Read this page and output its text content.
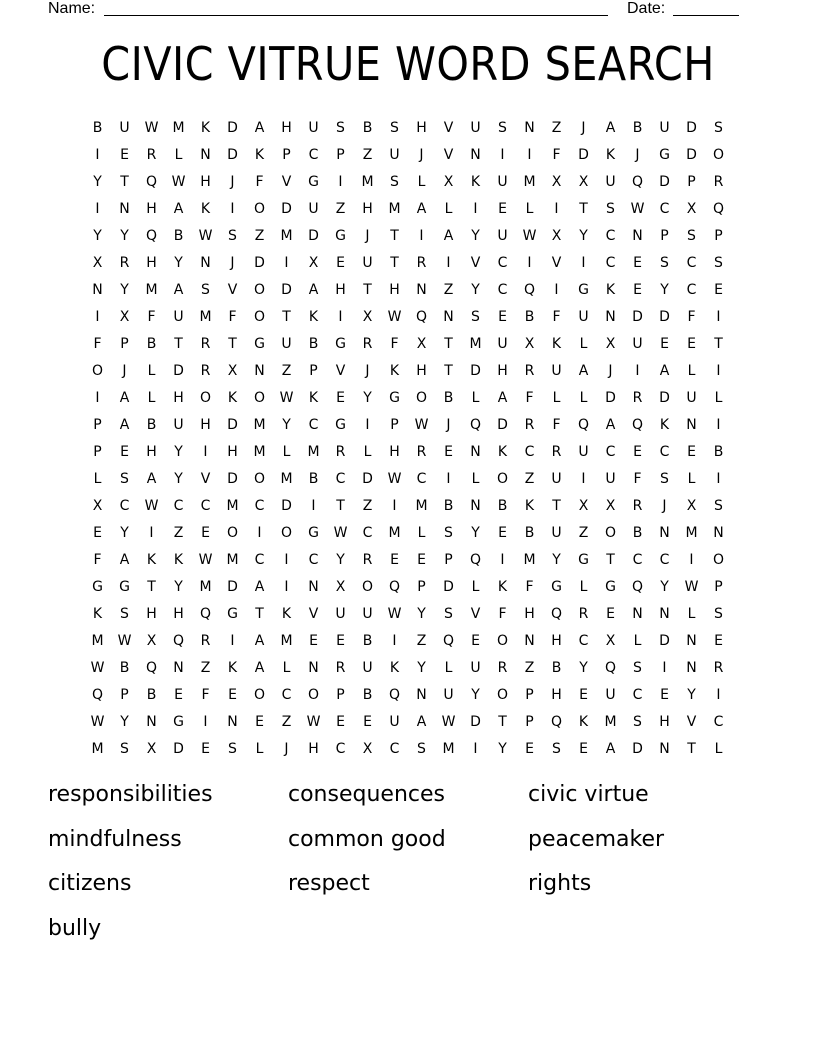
Name:	Date:
CIVIC VITRUE WORD SEARCH
B	U	W	M	K	D	A	H	U	S	B	S	H	V	U	S	N	Z	J	A	B	U	D	S
I	E	R	L	N	D	K	P	C	P	Z	U	J	V	N	I	I	F	D	K	J	G	D	O
Y	T	Q	W	H	J	F	V	G	I	M	S	L	X	K	U	M	X	X	U	Q	D	P	R
I	N	H	A	K	I	O	D	U	Z	H	M	A	L	I	E	L	I	T	S	W	C	X	Q
Y	Y	Q	B	W	S	Z	M	D	G	J	T	I	A	Y	U	W	X	Y	C	N	P	S	P
X	R	H	Y	N	J	D	I	X	E	U	T	R	I	V	C	I	V	I	C	E	S	C	S
N	Y	M	A	S	V	O	D	A	H	T	H	N	Z	Y	C	Q	I	G	K	E	Y	C	E
I	X	F	U	M	F	O	T	K	I	X	W	Q	N	S	E	B	F	U	N	D	D	F	I
F	P	B	T	R	T	G	U	B	G	R	F	X	T	M	U	X	K	L	X	U	E	E	T
O	J	L	D	R	X	N	Z	P	V	J	K	H	T	D	H	R	U	A	J	I	A	L	I
I	A	L	H	O	K	O	W	K	E	Y	G	O	B	L	A	F	L	L	D	R	D	U	L
P	A	B	U	H	D	M	Y	C	G	I	P	W	J	Q	D	R	F	Q	A	Q	K	N	I
P	E	H	Y	I	H	M	L	M	R	L	H	R	E	N	K	C	R	U	C	E	C	E	B
L	S	A	Y	V	D	O	M	B	C	D	W	C	I	L	O	Z	U	I	U	F	S	L	I
X	C	W	C	C	M	C	D	I	T	Z	I	M	B	N	B	K	T	X	X	R	J	X	S
E	Y	I	Z	E	O	I	O	G	W	C	M	L	S	Y	E	B	U	Z	O	B	N	M	N
F	A	K	K	W	M	C	I	C	Y	R	E	E	P	Q	I	M	Y	G	T	C	C	I	O
G	G	T	Y	M	D	A	I	N	X	O	Q	P	D	L	K	F	G	L	G	Q	Y	W	P
K	S	H	H	Q	G	T	K	V	U	U	W	Y	S	V	F	H	Q	R	E	N	N	L	S
M	W	X	Q	R	I	A	M	E	E	B	I	Z	Q	E	O	N	H	C	X	L	D	N	E
W	B	Q	N	Z	K	A	L	N	R	U	K	Y	L	U	R	Z	B	Y	Q	S	I	N	R
Q	P	B	E	F	E	O	C	O	P	B	Q	N	U	Y	O	P	H	E	U	C	E	Y	I
W	Y	N	G	I	N	E	Z	W	E	E	U	A	W	D	T	P	Q	K	M	S	H	V	C
M	S	X	D	E	S	L	J	H	C	X	C	S	M	I	Y	E	S	E	A	D	N	T	L
responsibilities	consequences	civic virtue
mindfulness	common good	peacemaker
citizens	respect	rights
bully
